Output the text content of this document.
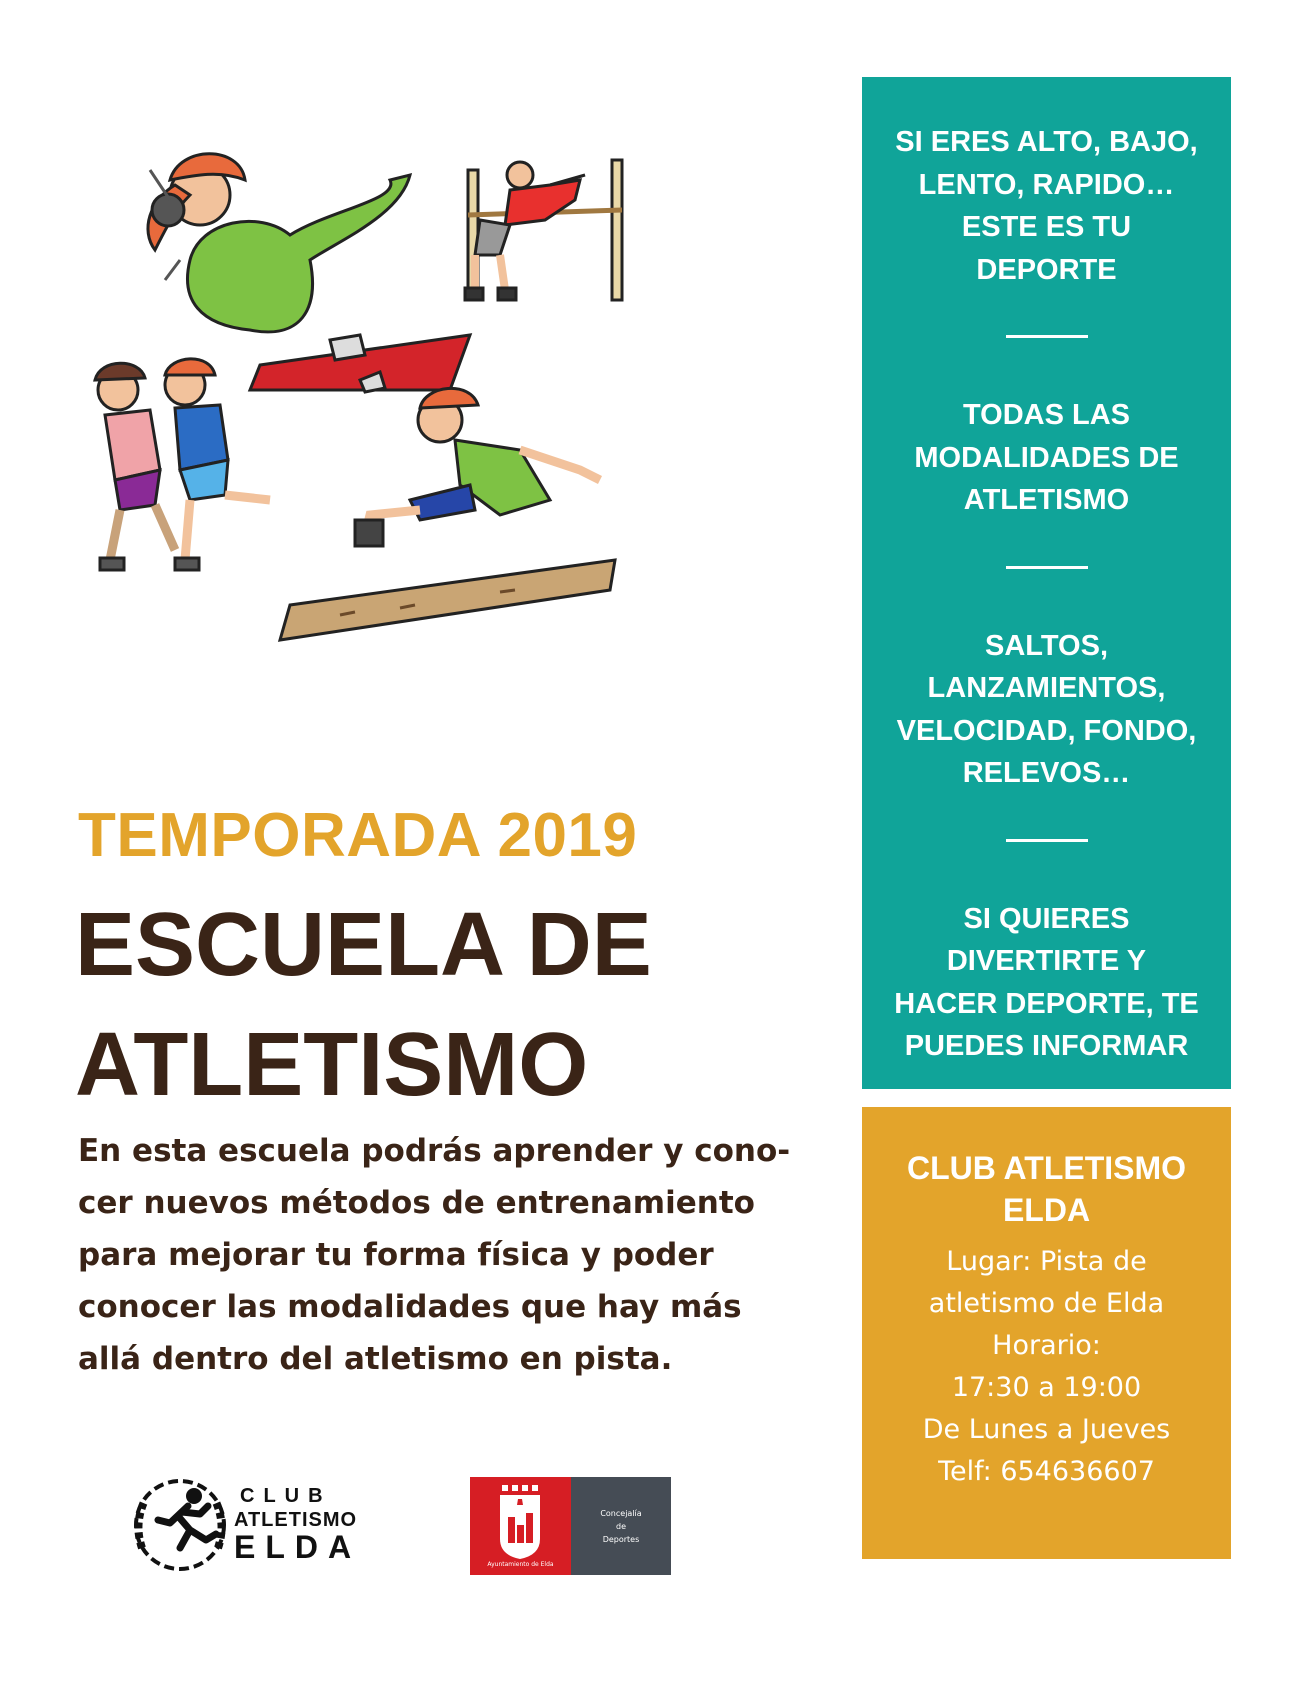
SI ERES ALTO, BAJO,
LENTO, RAPIDO…
ESTE ES TU
DEPORTE
TODAS LAS
MODALIDADES DE
ATLETISMO
SALTOS,
LANZAMIENTOS,
VELOCIDAD, FONDO,
RELEVOS…
SI QUIERES
DIVERTIRTE Y
HACER DEPORTE, TE
PUEDES INFORMAR
TEMPORADA 2019
ESCUELA DE
ATLETISMO

En esta escuela podrás aprender y cono-
cer nuevos métodos de entrenamiento
para mejorar tu forma física y poder
conocer las modalidades que hay más
allá dentro del atletismo en pista.

CLUB ATLETISMO
ELDA
Lugar: Pista de
atletismo de Elda
Horario:
17:30 a 19:00
De Lunes a Jueves
Telf: 654636607
CLUB
ATLETISMO
ELDA	Ayuntamiento de Elda
Concejalía
de
Deportes
